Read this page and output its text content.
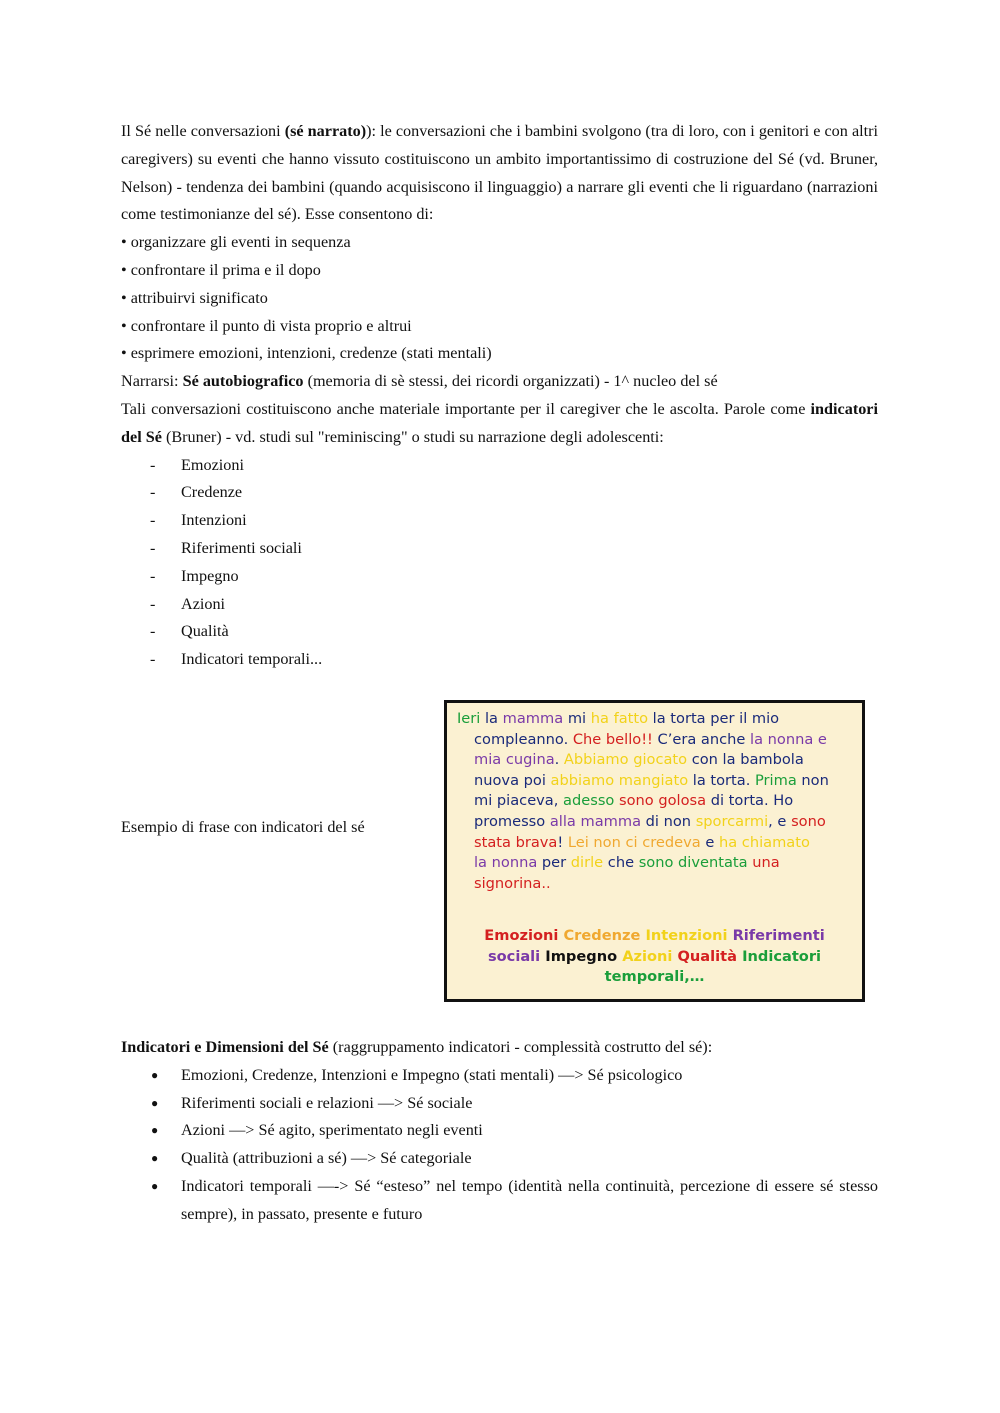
Il Sé nelle conversazioni (sé narrato)): le conversazioni che i bambini svolgono (tra di loro, con i genitori e con altri caregivers) su eventi che hanno vissuto costituiscono un ambito importantissimo di costruzione del Sé (vd. Bruner, Nelson) - tendenza dei bambini (quando acquisiscono il linguaggio) a narrare gli eventi che li riguardano (narrazioni come testimonianze del sé). Esse consentono di:

• organizzare gli eventi in sequenza

• confrontare il prima e il dopo

• attribuirvi significato

• confrontare il punto di vista proprio e altrui

• esprimere emozioni, intenzioni, credenze (stati mentali)

Narrarsi: Sé autobiografico (memoria di sè stessi, dei ricordi organizzati) - 1^ nucleo del sé

Tali conversazioni costituiscono anche materiale importante per il caregiver che le ascolta. Parole come indicatori del Sé (Bruner) - vd. studi sul "reminiscing" o studi su narrazione degli adolescenti:

- Emozioni
- Credenze
- Intenzioni
- Riferimenti sociali
- Impegno
- Azioni
- Qualità
- Indicatori temporali...
Esempio di frase con indicatori del sé
Ieri la mamma mi ha fatto la torta per il mio
compleanno. Che bello!! C’era anche la nonna e
mia cugina. Abbiamo giocato con la bambola
nuova poi abbiamo mangiato la torta. Prima non
mi piaceva, adesso sono golosa di torta. Ho
promesso alla mamma di non sporcarmi, e sono
stata brava! Lei non ci credeva e ha chiamato
la nonna per dirle che sono diventata una
signorina..
Emozioni Credenze Intenzioni Riferimenti
sociali Impegno Azioni Qualità Indicatori
temporali,…

Indicatori e Dimensioni del Sé (raggruppamento indicatori - complessità costrutto del sé):

● Emozioni, Credenze, Intenzioni e Impegno (stati mentali) —> Sé psicologico
● Riferimenti sociali e relazioni —> Sé sociale
● Azioni —> Sé agito, sperimentato negli eventi
● Qualità (attribuzioni a sé) —> Sé categoriale
● Indicatori temporali —-> Sé “esteso” nel tempo (identità nella continuità, percezione di essere sé stesso sempre), in passato, presente e futuro
